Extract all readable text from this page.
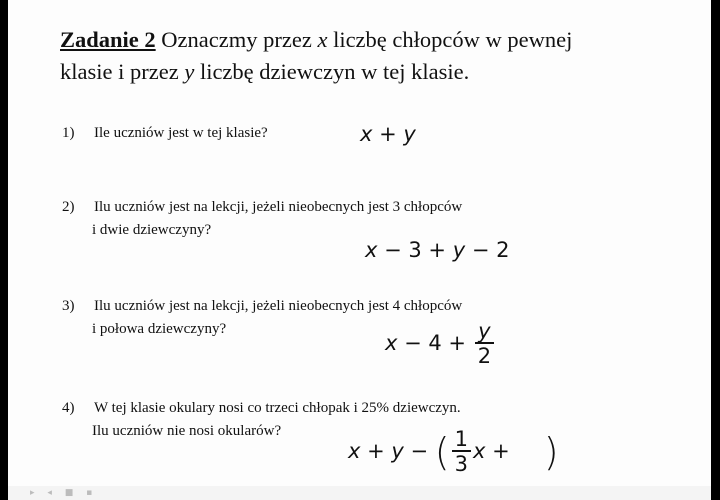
▸ ◂ ■ ▪
Zadanie 2 Oznaczmy przez x liczbę chłopców w pewnej
klasie i przez y liczbę dziewczyn w tej klasie.
1) Ile uczniów jest w tej klasie?	x + y
2) Ilu uczniów jest na lekcji, jeżeli nieobecnych jest 3 chłopców
i dwie dziewczyny?
x − 3 + y − 2
3) Ilu uczniów jest na lekcji, jeżeli nieobecnych jest 4 chłopców
i połowa dziewczyny?
$x - 4 + \frac{y}{2}$
4) W tej klasie okulary nosi co trzeci chłopak i 25% dziewczyn.
Ilu uczniów nie nosi okularów?
x + y − ( $\frac{1}{3}$ x + )
